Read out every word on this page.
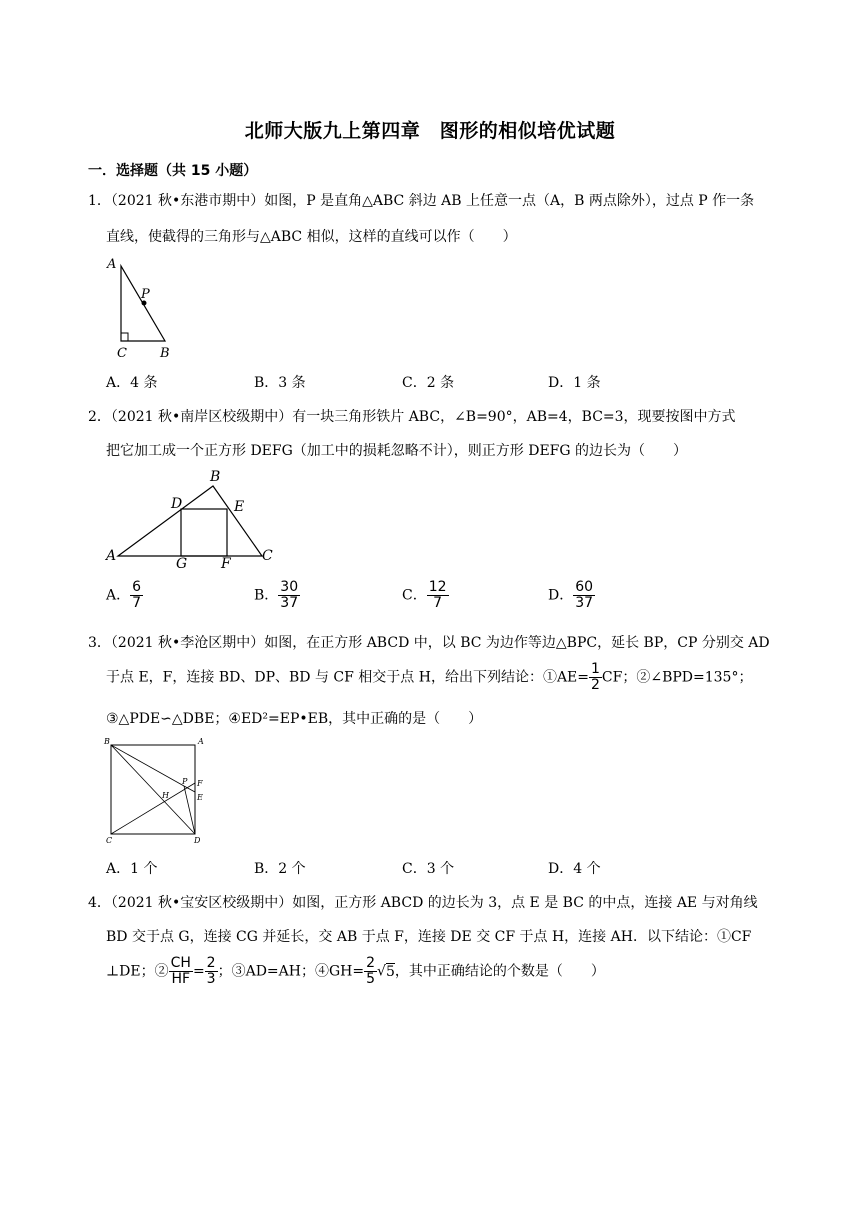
北师大版九上第四章　图形的相似培优试题
一．选择题（共 15 小题）
1．（2021 秋•东港市期中）如图，P 是直角△ABC 斜边 AB 上任意一点（A，B 两点除外），过点 P 作一条
直线，使截得的三角形与△ABC 相似，这样的直线可以作（　　）
A
P
C	B
A．4 条	B．3 条	C．2 条	D．1 条
2．（2021 秋•南岸区校级期中）有一块三角形铁片 ABC，∠B=90°，AB=4，BC=3，现要按图中方式
把它加工成一个正方形 DEFG（加工中的损耗忽略不计），则正方形 DEFG 的边长为（　　）
B
D	E
A	G F C
A． $\frac{6}{7}$	B． $\frac{30}{37}$	C． $\frac{12}{7}$	D． $\frac{60}{37}$
3．（2021 秋•李沧区期中）如图，在正方形 ABCD 中，以 BC 为边作等边△BPC，延长 BP，CP 分别交 AD
于点 E，F，连接 BD、DP、BD 与 CF 相交于点 H，给出下列结论：①AE= $\frac{1}{2}$ CF；②∠BPD=135°；
③△PDE∽△DBE；④ED²=EP•EB，其中正确的是（　　）
B	A
P F
H	E
C	D
A．1 个	B．2 个	C．3 个	D．4 个
4．（2021 秋•宝安区校级期中）如图，正方形 ABCD 的边长为 3，点 E 是 BC 的中点，连接 AE 与对角线
BD 交于点 G，连接 CG 并延长，交 AB 于点 F，连接 DE 交 CF 于点 H，连接 AH．以下结论：①CF
⊥DE；② $\frac{CH}{HF} = \frac{2}{3}$ ；③AD=AH；④GH= $\frac{2}{5} √5$，其中正确结论的个数是（　　）
